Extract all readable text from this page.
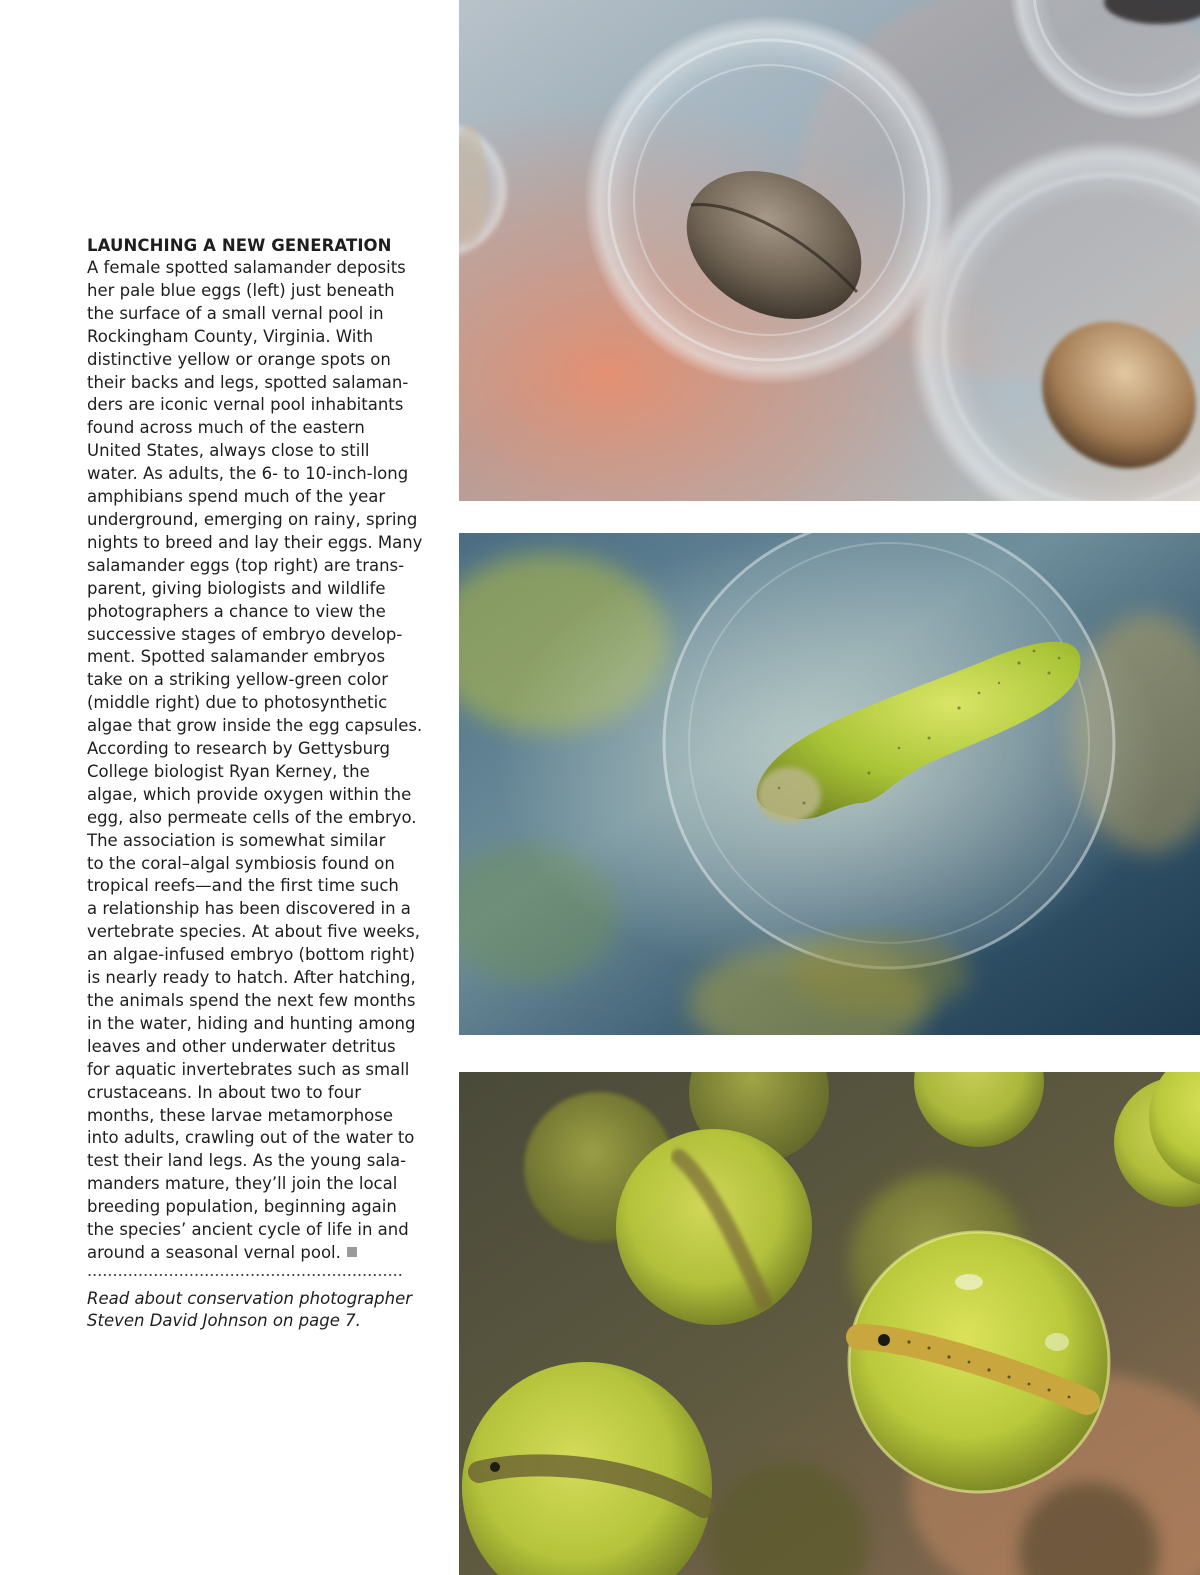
LAUNCHING A NEW GENERATION

A female spotted salamander deposits
her pale blue eggs (left) just beneath
the surface of a small vernal pool in
Rockingham County, Virginia. With
distinctive yellow or orange spots on
their backs and legs, spotted salaman-
ders are iconic vernal pool inhabitants
found across much of the eastern
United States, always close to still
water. As adults, the 6- to 10-inch-long
amphibians spend much of the year
underground, emerging on rainy, spring
nights to breed and lay their eggs. Many
salamander eggs (top right) are trans-
parent, giving biologists and wildlife
photographers a chance to view the
successive stages of embryo develop-
ment. Spotted salamander embryos
take on a striking yellow-green color
(middle right) due to photosynthetic
algae that grow inside the egg capsules.
According to research by Gettysburg
College biologist Ryan Kerney, the
algae, which provide oxygen within the
egg, also permeate cells of the embryo.
The association is somewhat similar
to the coral–algal symbiosis found on
tropical reefs—and the first time such
a relationship has been discovered in a
vertebrate species. At about five weeks,
an algae-infused embryo (bottom right)
is nearly ready to hatch. After hatching,
the animals spend the next few months
in the water, hiding and hunting among
leaves and other underwater detritus
for aquatic invertebrates such as small
crustaceans. In about two to four
months, these larvae metamorphose
into adults, crawling out of the water to
test their land legs. As the young sala-
manders mature, they’ll join the local
breeding population, beginning again
the species’ ancient cycle of life in and
around a seasonal vernal pool.

Read about conservation photographer
Steven David Johnson on page 7.
